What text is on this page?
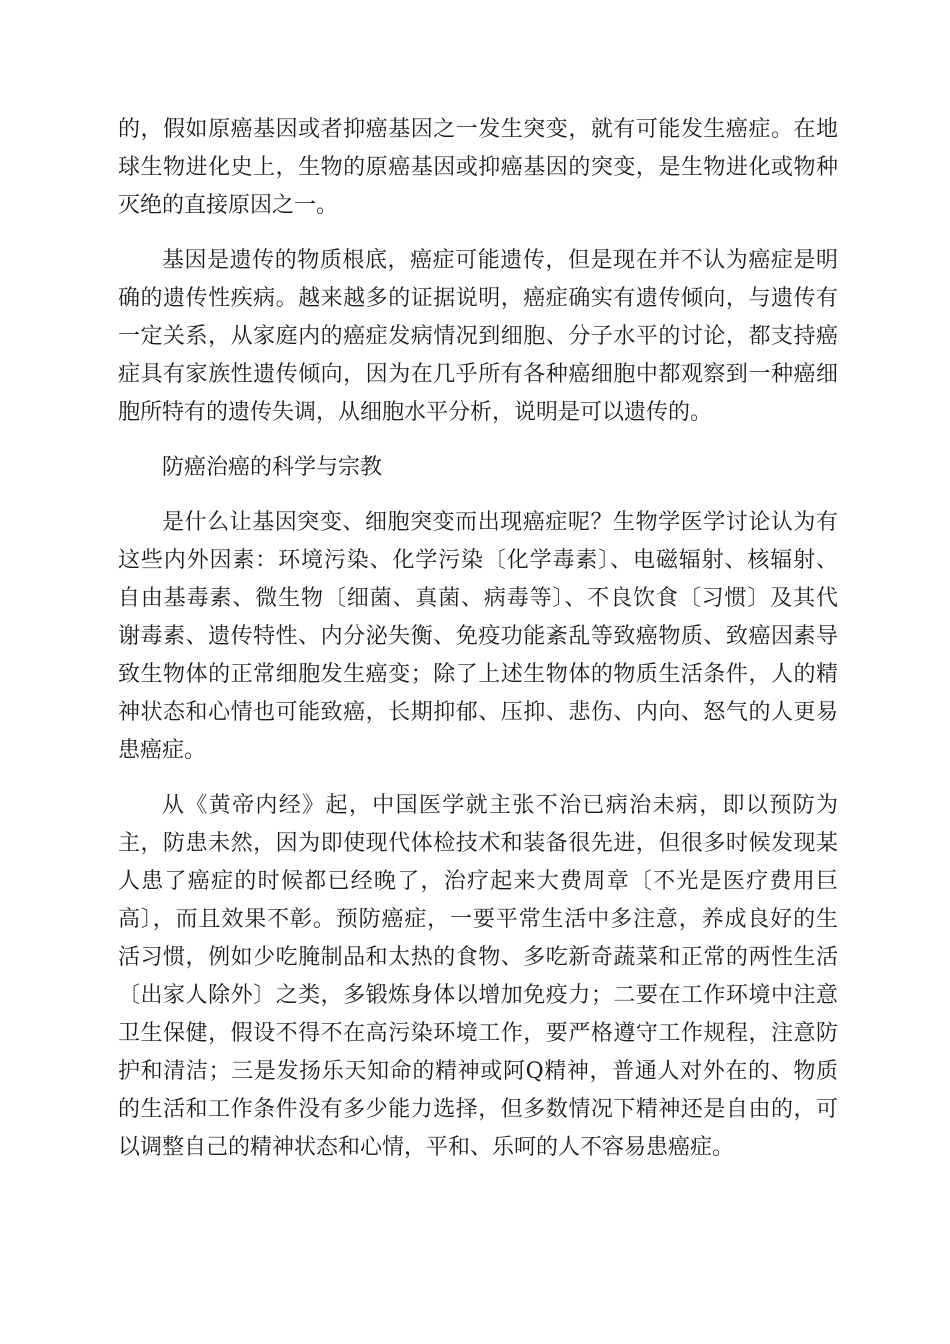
的，假如原癌基因或者抑癌基因之一发生突变，就有可能发生癌症。在地
球生物进化史上，生物的原癌基因或抑癌基因的突变，是生物进化或物种
灭绝的直接原因之一。
基因是遗传的物质根底，癌症可能遗传，但是现在并不认为癌症是明
确的遗传性疾病。越来越多的证据说明，癌症确实有遗传倾向，与遗传有
一定关系，从家庭内的癌症发病情况到细胞、分子水平的讨论，都支持癌
症具有家族性遗传倾向，因为在几乎所有各种癌细胞中都观察到一种癌细
胞所特有的遗传失调，从细胞水平分析，说明是可以遗传的。
防癌治癌的科学与宗教
是什么让基因突变、细胞突变而出现癌症呢？生物学医学讨论认为有
这些内外因素：环境污染、化学污染〔化学毒素〕、电磁辐射、核辐射、
自由基毒素、微生物〔细菌、真菌、病毒等〕、不良饮食〔习惯〕及其代
谢毒素、遗传特性、内分泌失衡、免疫功能紊乱等致癌物质、致癌因素导
致生物体的正常细胞发生癌变；除了上述生物体的物质生活条件，人的精
神状态和心情也可能致癌，长期抑郁、压抑、悲伤、内向、怒气的人更易
患癌症。
从《黄帝内经》起，中国医学就主张不治已病治未病，即以预防为
主，防患未然，因为即使现代体检技术和装备很先进，但很多时候发现某
人患了癌症的时候都已经晚了，治疗起来大费周章〔不光是医疗费用巨
高〕，而且效果不彰。预防癌症，一要平常生活中多注意，养成良好的生
活习惯，例如少吃腌制品和太热的食物、多吃新奇蔬菜和正常的两性生活
〔出家人除外〕之类，多锻炼身体以增加免疫力；二要在工作环境中注意
卫生保健，假设不得不在高污染环境工作，要严格遵守工作规程，注意防
护和清洁；三是发扬乐天知命的精神或阿Q精神，普通人对外在的、物质
的生活和工作条件没有多少能力选择，但多数情况下精神还是自由的，可
以调整自己的精神状态和心情，平和、乐呵的人不容易患癌症。
